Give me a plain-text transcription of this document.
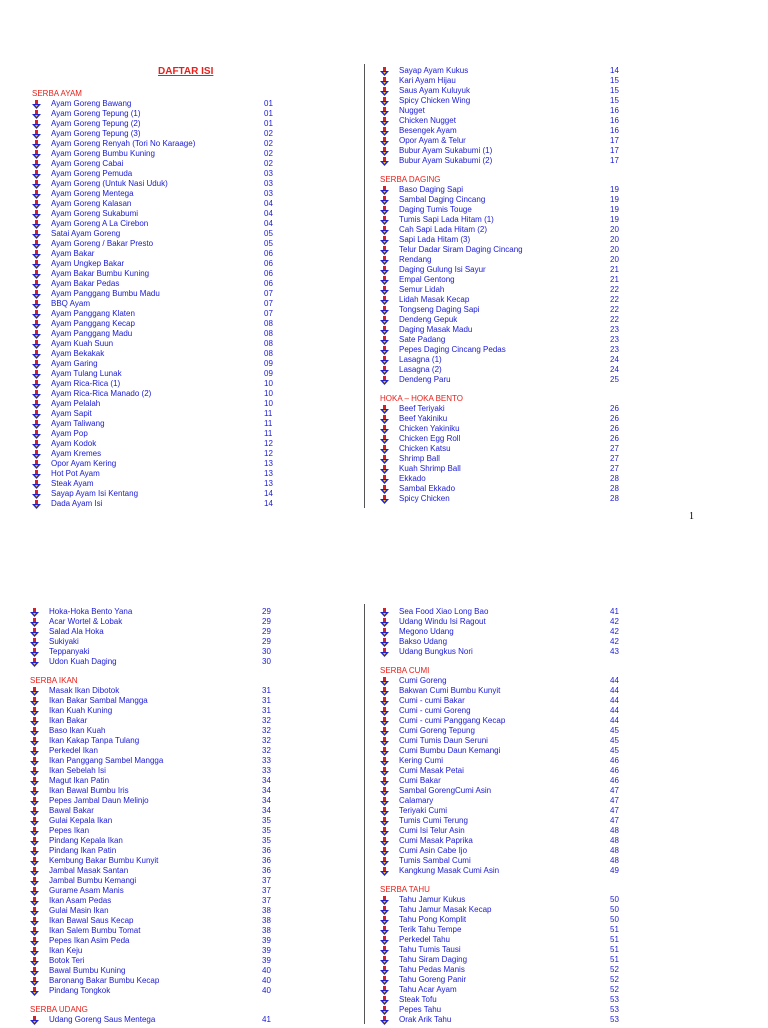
DAFTAR ISI
1
SERBA AYAM
Ayam Goreng Bawang	01
Ayam Goreng Tepung (1)	01
Ayam Goreng Tepung (2)	01
Ayam Goreng Tepung (3)	02
Ayam Goreng Renyah (Tori No Karaage)	02
Ayam Goreng Bumbu Kuning	02
Ayam Goreng Cabai	02
Ayam Goreng Pemuda	03
Ayam Goreng (Untuk Nasi Uduk)	03
Ayam Goreng Mentega	03
Ayam Goreng Kalasan	04
Ayam Goreng Sukabumi	04
Ayam Goreng A La Cirebon	04
Satai Ayam Goreng	05
Ayam Goreng / Bakar Presto	05
Ayam Bakar	06
Ayam Ungkep Bakar	06
Ayam Bakar Bumbu Kuning	06
Ayam Bakar Pedas	06
Ayam Panggang Bumbu Madu	07
BBQ Ayam	07
Ayam Panggang Klaten	07
Ayam Panggang Kecap	08
Ayam Panggang Madu	08
Ayam Kuah Suun	08
Ayam Bekakak	08
Ayam Garing	09
Ayam Tulang Lunak	09
Ayam Rica-Rica (1)	10
Ayam Rica-Rica Manado (2)	10
Ayam Pelalah	10
Ayam Sapit	11
Ayam Taliwang	11
Ayam Pop	11
Ayam Kodok	12
Ayam Kremes	12
Opor Ayam Kering	13
Hot Pot Ayam	13
Steak Ayam	13
Sayap Ayam Isi Kentang	14
Dada Ayam Isi	14
Sayap Ayam Kukus	14
Kari Ayam Hijau	15
Saus Ayam Kuluyuk	15
Spicy Chicken Wing	15
Nugget	16
Chicken Nugget	16
Besengek Ayam	16
Opor Ayam & Telur	17
Bubur Ayam Sukabumi (1)	17
Bubur Ayam Sukabumi (2)	17
SERBA DAGING
Baso Daging Sapi	19
Sambal Daging Cincang	19
Daging Tumis Touge	19
Tumis Sapi Lada Hitam (1)	19
Cah Sapi Lada Hitam (2)	20
Sapi Lada Hitam (3)	20
Telur Dadar Siram Daging Cincang	20
Rendang	20
Daging Gulung Isi Sayur	21
Empal Gentong	21
Semur Lidah	22
Lidah Masak Kecap	22
Tongseng Daging Sapi	22
Dendeng Gepuk	22
Daging Masak Madu	23
Sate Padang	23
Pepes Daging Cincang Pedas	23
Lasagna (1)	24
Lasagna (2)	24
Dendeng Paru	25
HOKA – HOKA BENTO
Beef Teriyaki	26
Beef Yakiniku	26
Chicken Yakiniku	26
Chicken Egg Roll	26
Chicken Katsu	27
Shrimp Ball	27
Kuah Shrimp Ball	27
Ekkado	28
Sambal Ekkado	28
Spicy Chicken	28
Hoka-Hoka Bento Yana	29
Acar Wortel & Lobak	29
Salad Ala Hoka	29
Sukiyaki	29
Teppanyaki	30
Udon Kuah Daging	30
SERBA IKAN
Masak Ikan Dibotok	31
Ikan Bakar Sambal Mangga	31
Ikan Kuah Kuning	31
Ikan Bakar	32
Baso Ikan Kuah	32
Ikan Kakap Tanpa Tulang	32
Perkedel Ikan	32
Ikan Panggang Sambel Mangga	33
Ikan Sebelah Isi	33
Magut Ikan Patin	34
Ikan Bawal Bumbu Iris	34
Pepes Jambal Daun Melinjo	34
Bawal Bakar	34
Gulai Kepala Ikan	35
Pepes Ikan	35
Pindang Kepala Ikan	35
Pindang Ikan Patin	36
Kembung Bakar Bumbu Kunyit	36
Jambal Masak Santan	36
Jambal Bumbu Kemangi	37
Gurame Asam Manis	37
Ikan Asam Pedas	37
Gulai Masin Ikan	38
Ikan Bawal Saus Kecap	38
Ikan Salem Bumbu Tomat	38
Pepes Ikan Asim Peda	39
Ikan Keju	39
Botok Teri	39
Bawal Bumbu Kuning	40
Baronang Bakar Bumbu Kecap	40
Pindang Tongkok	40
SERBA UDANG
Udang Goreng Saus Mentega	41
Sea Food Xiao Long Bao	41
Udang Windu Isi Ragout	42
Megono Udang	42
Bakso Udang	42
Udang Bungkus Nori	43
SERBA CUMI
Cumi Goreng	44
Bakwan Cumi Bumbu Kunyit	44
Cumi - cumi Bakar	44
Cumi - cumi Goreng	44
Cumi - cumi Panggang Kecap	44
Cumi Goreng Tepung	45
Cumi Tumis Daun Seruni	45
Cumi Bumbu Daun Kemangi	45
Kering Cumi	46
Cumi Masak Petai	46
Cumi Bakar	46
Sambal GorengCumi Asin	47
Calamary	47
Teriyaki Cumi	47
Tumis Cumi Terung	47
Cumi Isi Telur Asin	48
Cumi Masak Paprika	48
Cumi Asin Cabe Ijo	48
Tumis Sambal Cumi	48
Kangkung Masak Cumi Asin	49
SERBA TAHU
Tahu Jamur Kukus	50
Tahu Jamur Masak Kecap	50
Tahu Pong Komplit	50
Terik Tahu Tempe	51
Perkedel Tahu	51
Tahu Tumis Tausi	51
Tahu Siram Daging	51
Tahu Pedas Manis	52
Tahu Goreng Panir	52
Tahu Acar Ayam	52
Steak Tofu	53
Pepes Tahu	53
Orak Arik Tahu	53
